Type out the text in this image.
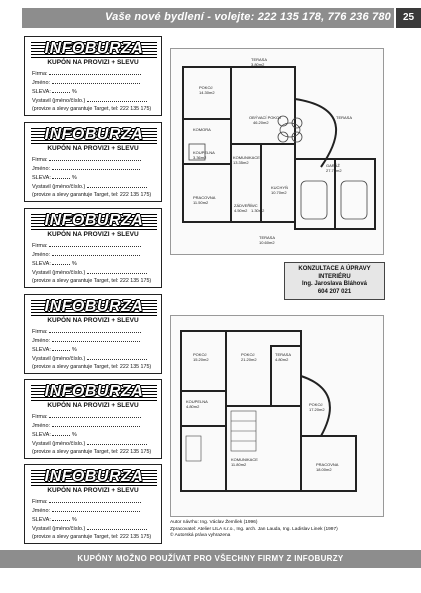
Vaše nové bydlení - volejte: 222 135 178, 776 236 780	25
INFOBURZA
KUPÓN NA PROVIZI + SLEVU
Firma:
Jméno:
SLEVA:	%
Vystavil (jméno/číslo.)
(provize a slevy garantuje Target, tel: 222 135 175)
INFOBURZA
KUPÓN NA PROVIZI + SLEVU
Firma:
Jméno:
SLEVA:	%
Vystavil (jméno/číslo.)
(provize a slevy garantuje Target, tel: 222 135 175)
INFOBURZA
KUPÓN NA PROVIZI + SLEVU
Firma:
Jméno:
SLEVA:	%
Vystavil (jméno/číslo.)
(provize a slevy garantuje Target, tel: 222 135 175)
INFOBURZA
KUPÓN NA PROVIZI + SLEVU
Firma:
Jméno:
SLEVA:	%
Vystavil (jméno/číslo.)
(provize a slevy garantuje Target, tel: 222 135 175)
INFOBURZA
KUPÓN NA PROVIZI + SLEVU
Firma:
Jméno:
SLEVA:	%
Vystavil (jméno/číslo.)
(provize a slevy garantuje Target, tel: 222 135 175)
INFOBURZA
KUPÓN NA PROVIZI + SLEVU
Firma:
Jméno:
SLEVA:	%
Vystavil (jméno/číslo.)
(provize a slevy garantuje Target, tel: 222 135 175)
TERASA
3.80m2
POKOJ
14.30m2
OBÝVACÍ POKOJ
46.20m2
TERASA
KOMORA
KOUPELNA
3.36m2	KOMUNIKACE
13.35m2
PRACOVNA
11.50m2
ZÁDVEŘÍ
4.50m2
WC
1.30m2
KUCHYŇ
10.70m2
GARÁŽ
27.72m2
TERASA
10.60m2
KONZULTACE A ÚPRAVY
INTERIÉRU
Ing. Jaroslava Bláhová
604 207 021
POKOJ
15.20m2
POKOJ
21.20m2
TERASA
4.80m2
POKOJ
17.20m2
KOUPELNA
4.80m2
KOMUNIKACE
11.80m2	PRACOVNA
18.00m2
Autor návrhu: Ing. Václav Žemlíek (1996)
Zpracovatel: Atelier LILA s.r.o., Ing. arch. Jan Lauda, Ing. Ladislav Linek (1997)
© Autorská práva vyhrazena
KUPÓNY MOŽNO POUŽÍVAT PRO VŠECHNY FIRMY Z INFOBURZY
